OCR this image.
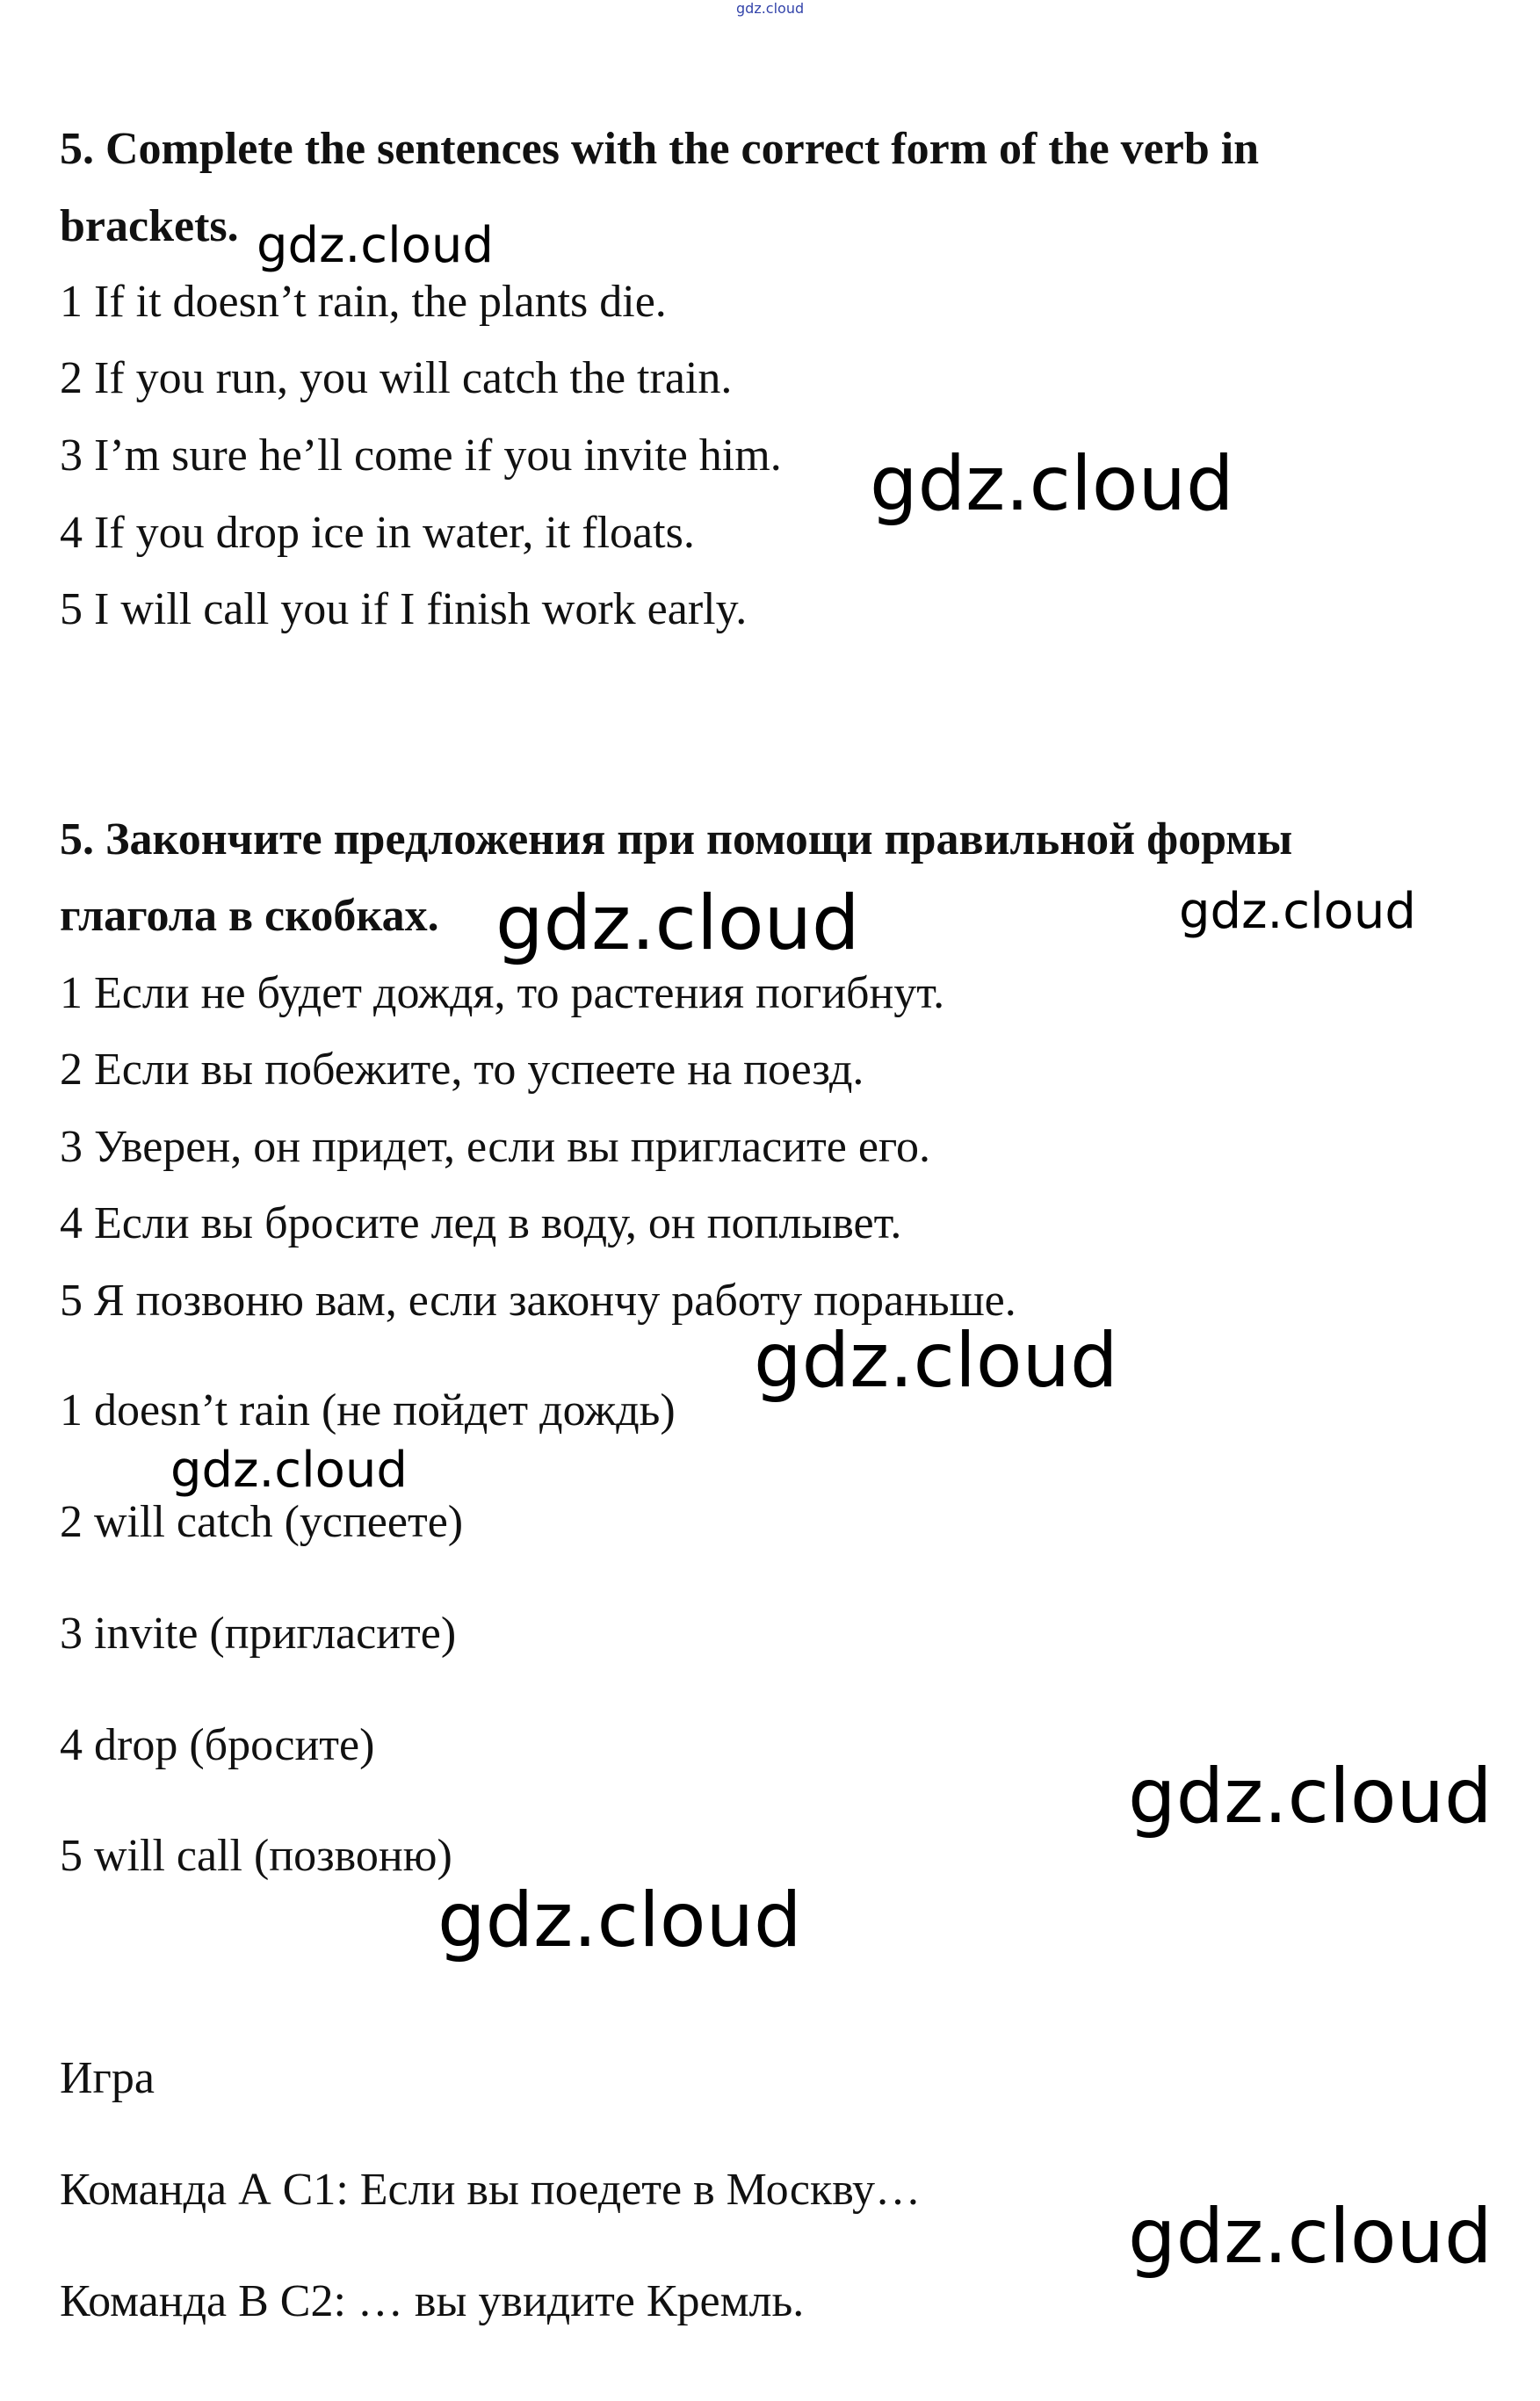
gdz.cloud
5. Complete the sentences with the correct form of the verb in
brackets.
1 If it doesn’t rain, the plants die.
2 If you run, you will catch the train.
3 I’m sure he’ll come if you invite him.
4 If you drop ice in water, it floats.
5 I will call you if I finish work early.
5. Закончите предложения при помощи правильной формы
глагола в скобках.
1 Если не будет дождя, то растения погибнут.
2 Если вы побежите, то успеете на поезд.
3 Уверен, он придет, если вы пригласите его.
4 Если вы бросите лед в воду, он поплывет.
5 Я позвоню вам, если закончу работу пораньше.
1 doesn’t rain (не пойдет дождь)
2 will catch (успеете)
3 invite (пригласите)
4 drop (бросите)
5 will call (позвоню)
Игра
Команда А С1: Если вы поедете в Москву…
Команда В С2: … вы увидите Кремль.
gdz.cloud
gdz.cloud
gdz.cloud	gdz.cloud
gdz.cloud
gdz.cloud
gdz.cloud
gdz.cloud
gdz.cloud
